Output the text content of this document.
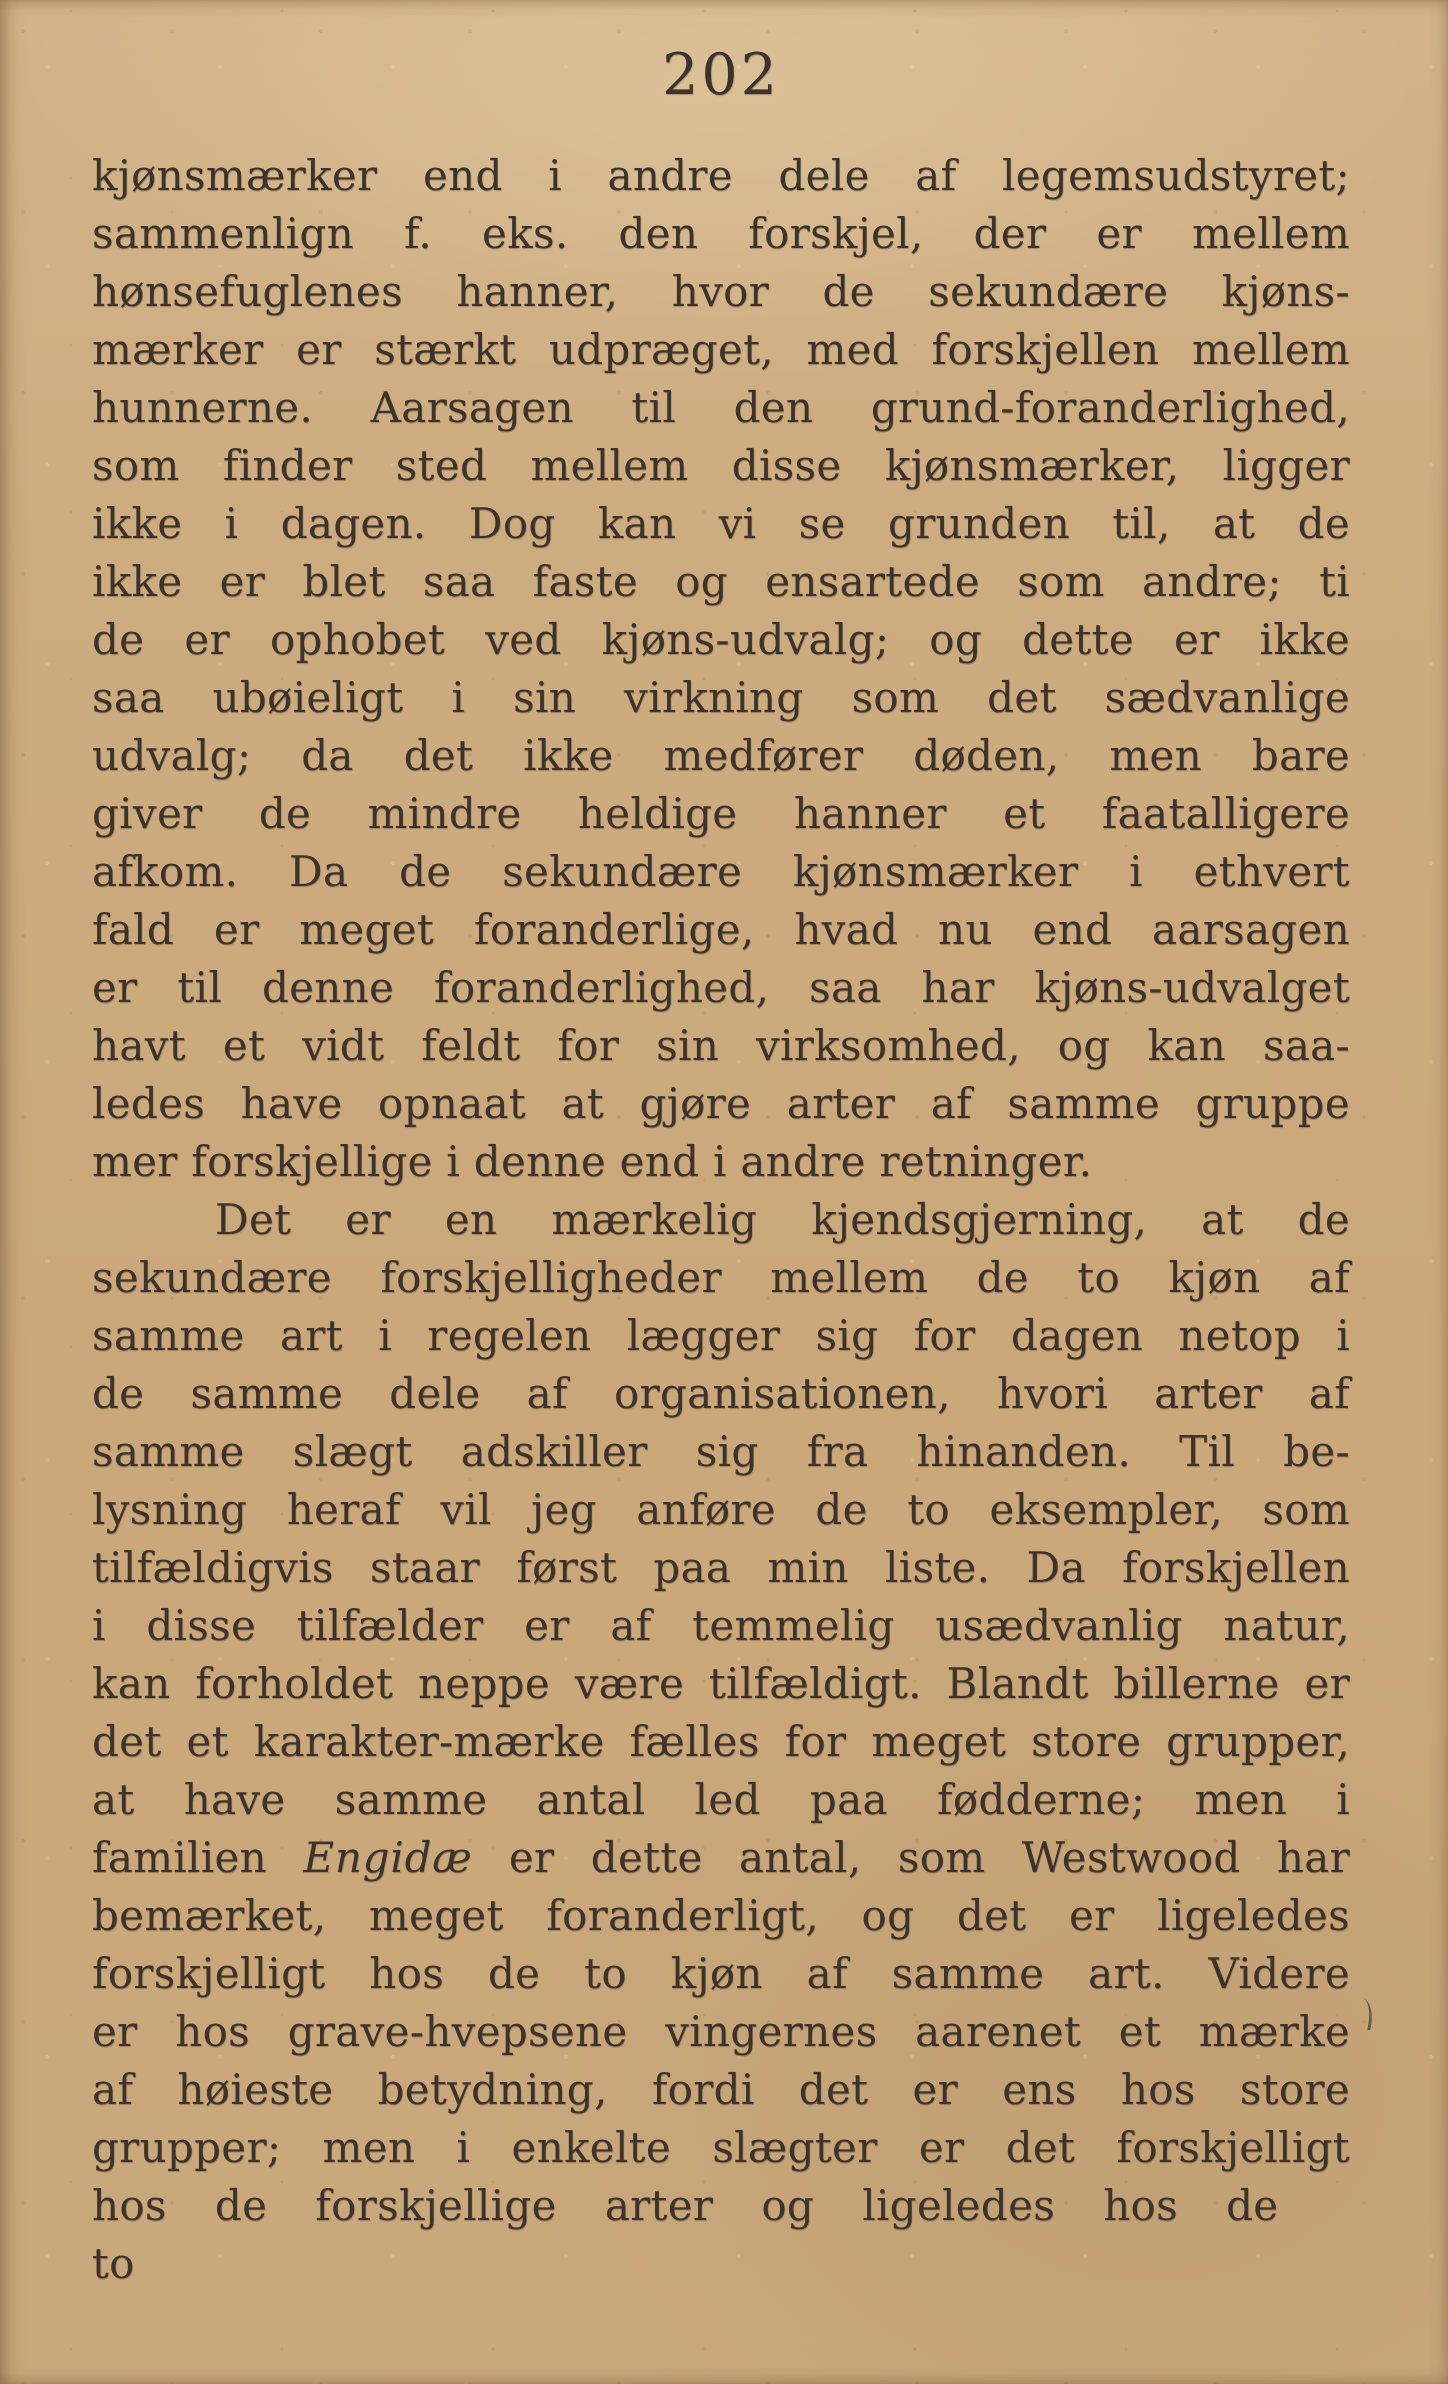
202
kjønsmærker end i andre dele af legemsudstyret;
sammenlign f. eks. den forskjel, der er mellem
hønsefuglenes hanner, hvor de sekundære kjøns-
mærker er stærkt udpræget, med forskjellen mellem
hunnerne. Aarsagen til den grund-foranderlighed,
som finder sted mellem disse kjønsmærker, ligger
ikke i dagen. Dog kan vi se grunden til, at de
ikke er blet saa faste og ensartede som andre; ti
de er ophobet ved kjøns-udvalg; og dette er ikke
saa ubøieligt i sin virkning som det sædvanlige
udvalg; da det ikke medfører døden, men bare
giver de mindre heldige hanner et faatalligere
afkom. Da de sekundære kjønsmærker i ethvert
fald er meget foranderlige, hvad nu end aarsagen
er til denne foranderlighed, saa har kjøns-udvalget
havt et vidt feldt for sin virksomhed, og kan saa-
ledes have opnaat at gjøre arter af samme gruppe
mer forskjellige i denne end i andre retninger.
Det er en mærkelig kjendsgjerning, at de
sekundære forskjelligheder mellem de to kjøn af
samme art i regelen lægger sig for dagen netop i
de samme dele af organisationen, hvori arter af
samme slægt adskiller sig fra hinanden. Til be-
lysning heraf vil jeg anføre de to eksempler, som
tilfældigvis staar først paa min liste. Da forskjellen
i disse tilfælder er af temmelig usædvanlig natur,
kan forholdet neppe være tilfældigt. Blandt billerne er
det et karakter-mærke fælles for meget store grupper,
at have samme antal led paa fødderne; men i
familien Engidæ er dette antal, som Westwood har
bemærket, meget foranderligt, og det er ligeledes
forskjelligt hos de to kjøn af samme art. Videre
er hos grave-hvepsene vingernes aarenet et mærke
af høieste betydning, fordi det er ens hos store
grupper; men i enkelte slægter er det forskjelligt
hos de forskjellige arter og ligeledes hos de to
